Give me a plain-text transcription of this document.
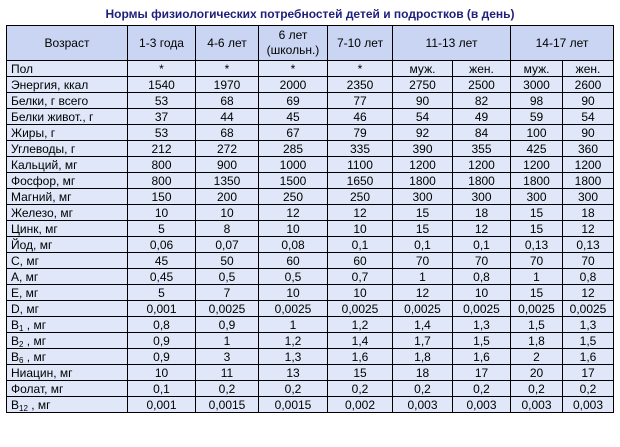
Нормы физиологических потребностей детей и подростков (в день)
Возраст	1-3 года	4-6 лет	6 лет (школьн.)	7-10 лет	11-13 лет		14-17 лет	
Пол	*	*	*	*	муж.	жен.	муж.	жен.
Энергия, ккал	1540	1970	2000	2350	2750	2500	3000	2600
Белки, г всего	53	68	69	77	90	82	98	90
Белки живот., г	37	44	45	46	54	49	59	54
Жиры, г	53	68	67	79	92	84	100	90
Углеводы, г	212	272	285	335	390	355	425	360
Кальций, мг	800	900	1000	1100	1200	1200	1200	1200
Фосфор, мг	800	1350	1500	1650	1800	1800	1800	1800
Магний, мг	150	200	250	250	300	300	300	300
Железо, мг	10	10	12	12	15	18	15	18
Цинк, мг	5	8	10	10	15	12	15	12
Йод, мг	0,06	0,07	0,08	0,1	0,1	0,1	0,13	0,13
С, мг	45	50	60	60	70	70	70	70
А, мг	0,45	0,5	0,5	0,7	1	0,8	1	0,8
Е, мг	5	7	10	10	12	10	15	12
D, мг	0,001	0,0025	0,0025	0,0025	0,0025	0,0025	0,0025	0,0025
$В_1$ , мг	0,8	0,9	1	1,2	1,4	1,3	1,5	1,3
$В_2$ , мг	0,9	1	1,2	1,4	1,7	1,5	1,8	1,5
$В_6$ , мг	0,9	3	1,3	1,6	1,8	1,6	2	1,6
Ниацин, мг	10	11	13	15	18	17	20	17
Фолат, мг	0,1	0,2	0,2	0,2	0,2	0,2	0,2	0,2
$В_{12}$ , мг	0,001	0,0015	0,0015	0,002	0,003	0,003	0,003	0,003
